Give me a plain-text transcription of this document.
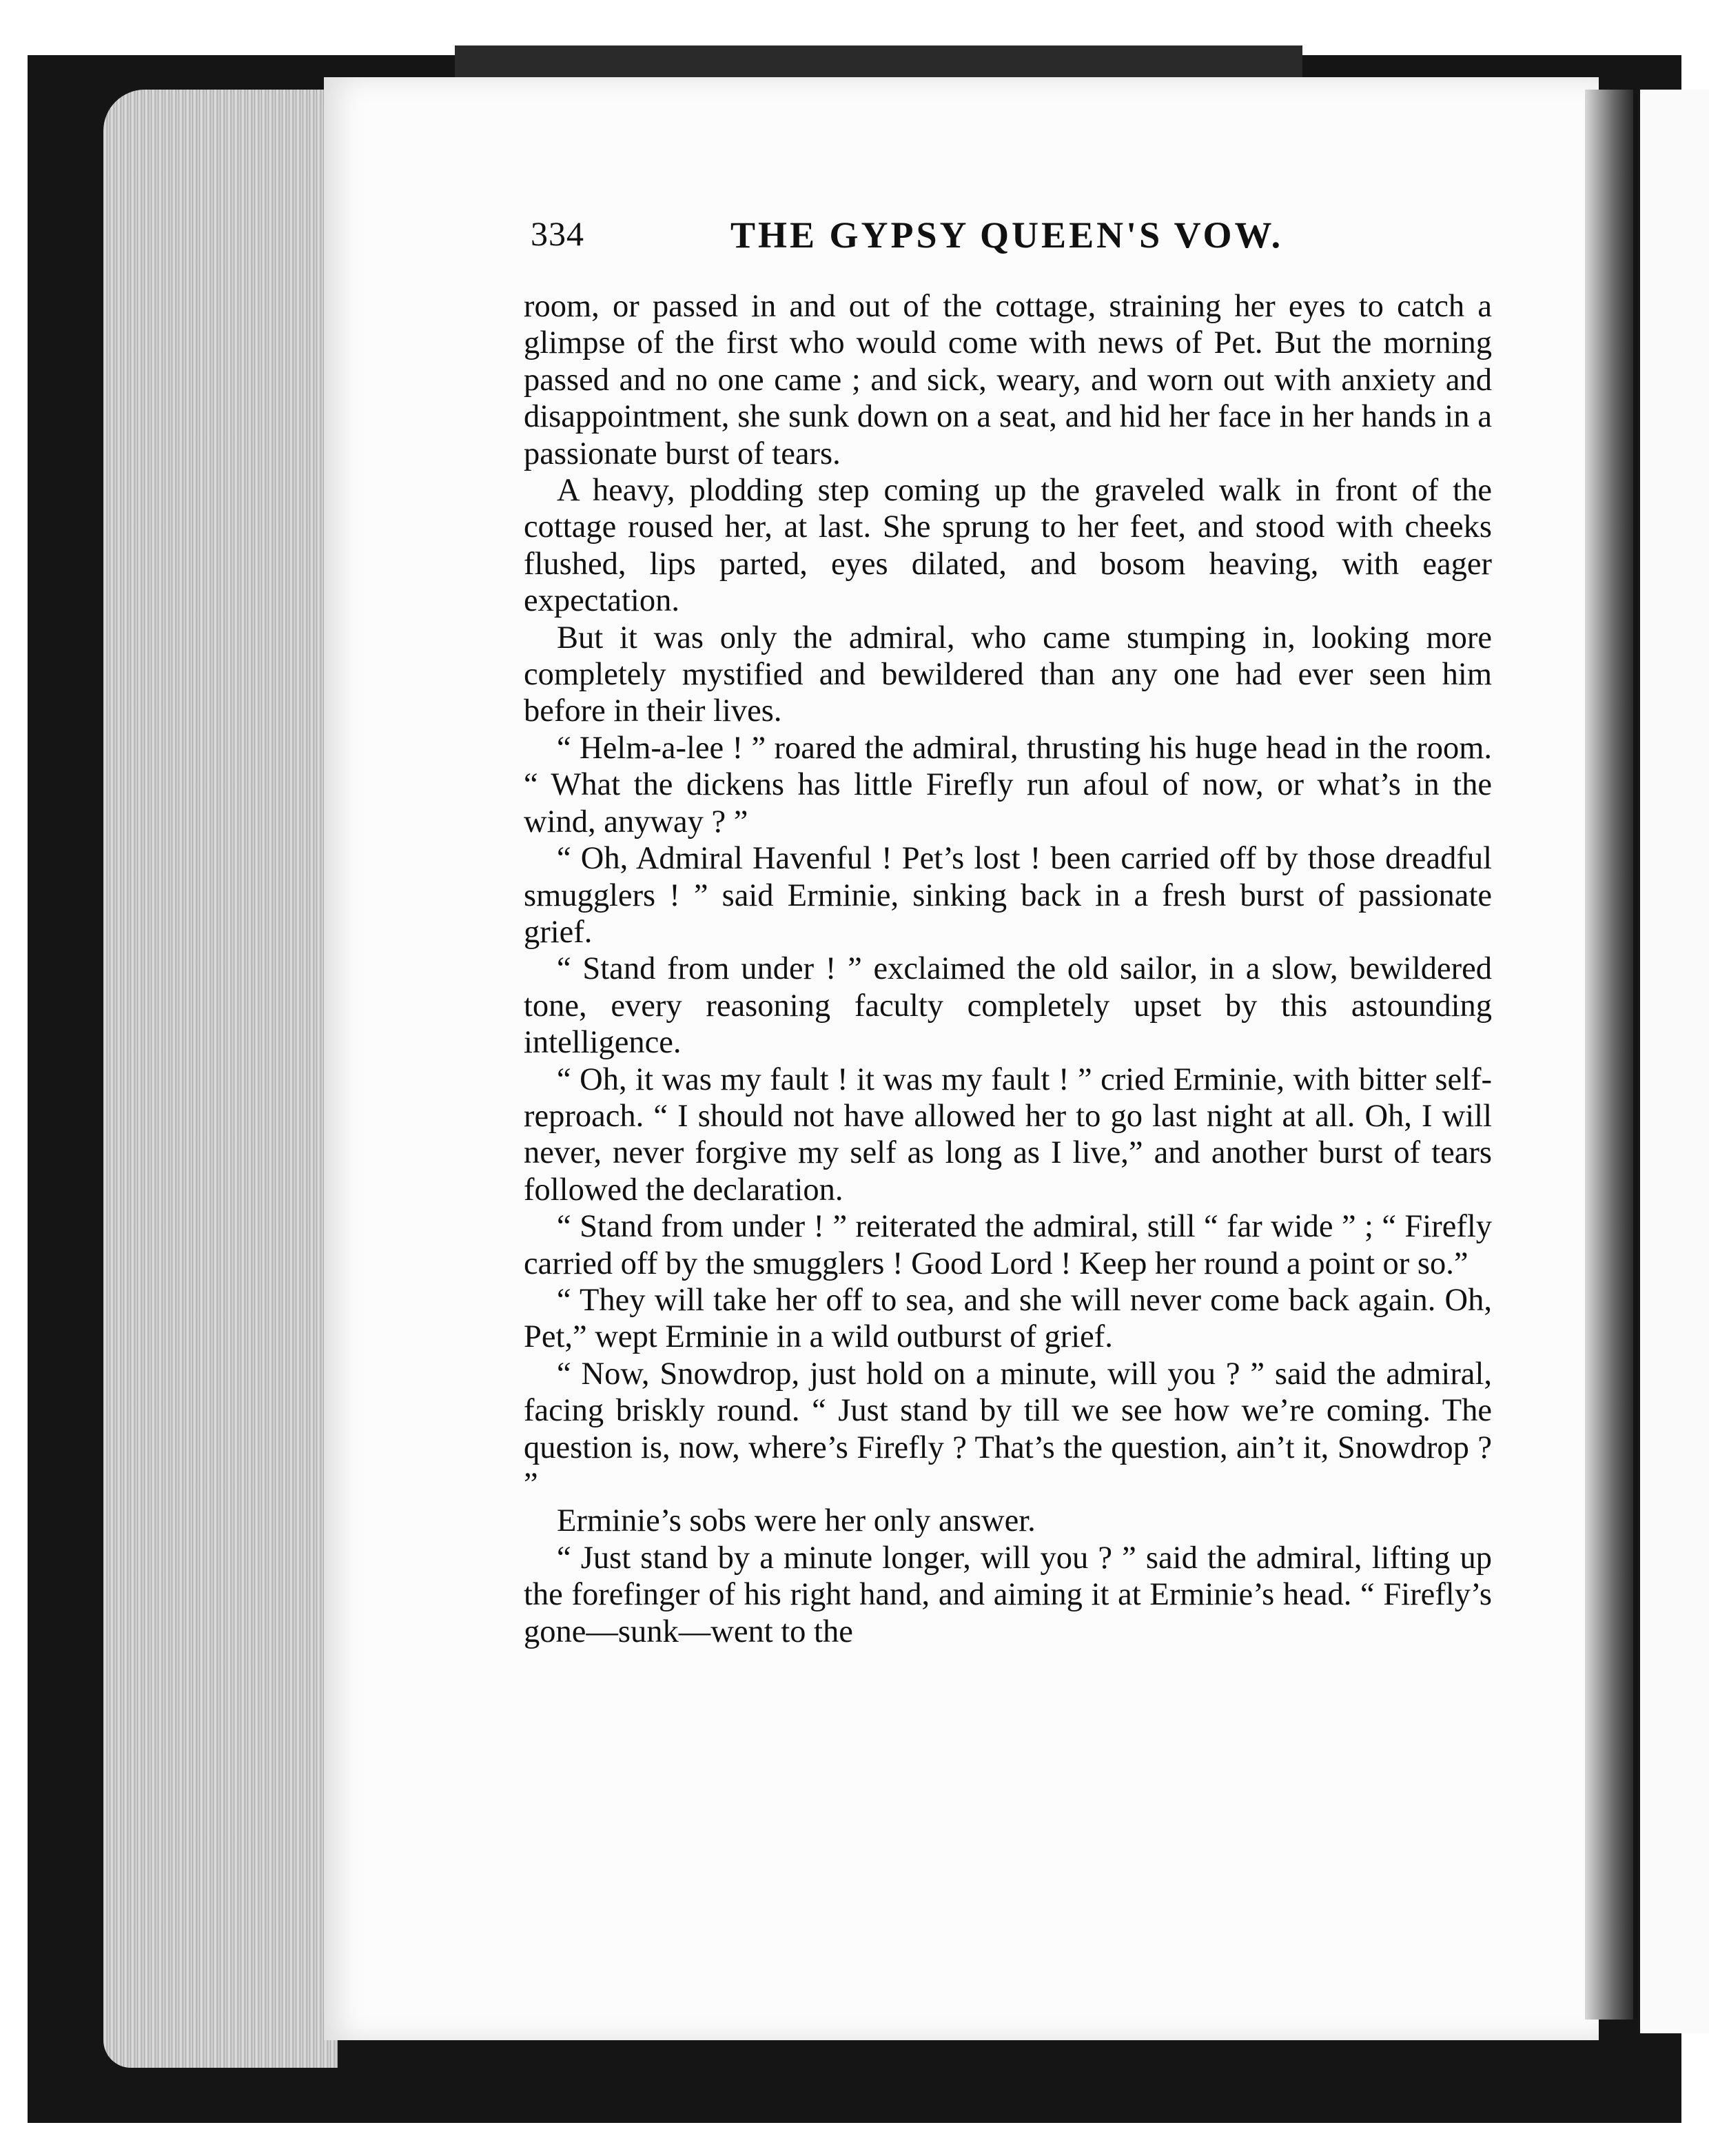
334	THE GYPSY QUEEN'S VOW.

room, or passed in and out of the cottage, straining her eyes to catch a glimpse of the first who would come with news of Pet. But the morning passed and no one came ; and sick, weary, and worn out with anxiety and disappointment, she sunk down on a seat, and hid her face in her hands in a passionate burst of tears.

A heavy, plodding step coming up the graveled walk in front of the cottage roused her, at last. She sprung to her feet, and stood with cheeks flushed, lips parted, eyes dilated, and bosom heaving, with eager expectation.

But it was only the admiral, who came stumping in, looking more completely mystified and bewildered than any one had ever seen him before in their lives.

“ Helm-a-lee ! ” roared the admiral, thrusting his huge head in the room. “ What the dickens has little Firefly run afoul of now, or what’s in the wind, anyway ? ”

“ Oh, Admiral Havenful ! Pet’s lost ! been carried off by those dreadful smugglers ! ” said Erminie, sinking back in a fresh burst of passionate grief.

“ Stand from under ! ” exclaimed the old sailor, in a slow, bewildered tone, every reasoning faculty completely upset by this astounding intelligence.

“ Oh, it was my fault ! it was my fault ! ” cried Erminie, with bitter self-reproach. “ I should not have allowed her to go last night at all. Oh, I will never, never forgive my self as long as I live,” and another burst of tears followed the declaration.

“ Stand from under ! ” reiterated the admiral, still “ far wide ” ; “ Firefly carried off by the smugglers ! Good Lord ! Keep her round a point or so.”

“ They will take her off to sea, and she will never come back again. Oh, Pet,” wept Erminie in a wild outburst of grief.

“ Now, Snowdrop, just hold on a minute, will you ? ” said the admiral, facing briskly round. “ Just stand by till we see how we’re coming. The question is, now, where’s Firefly ? That’s the question, ain’t it, Snowdrop ? ”

Erminie’s sobs were her only answer.

“ Just stand by a minute longer, will you ? ” said the admiral, lifting up the forefinger of his right hand, and aiming it at Erminie’s head. “ Firefly’s gone—sunk—went to the
